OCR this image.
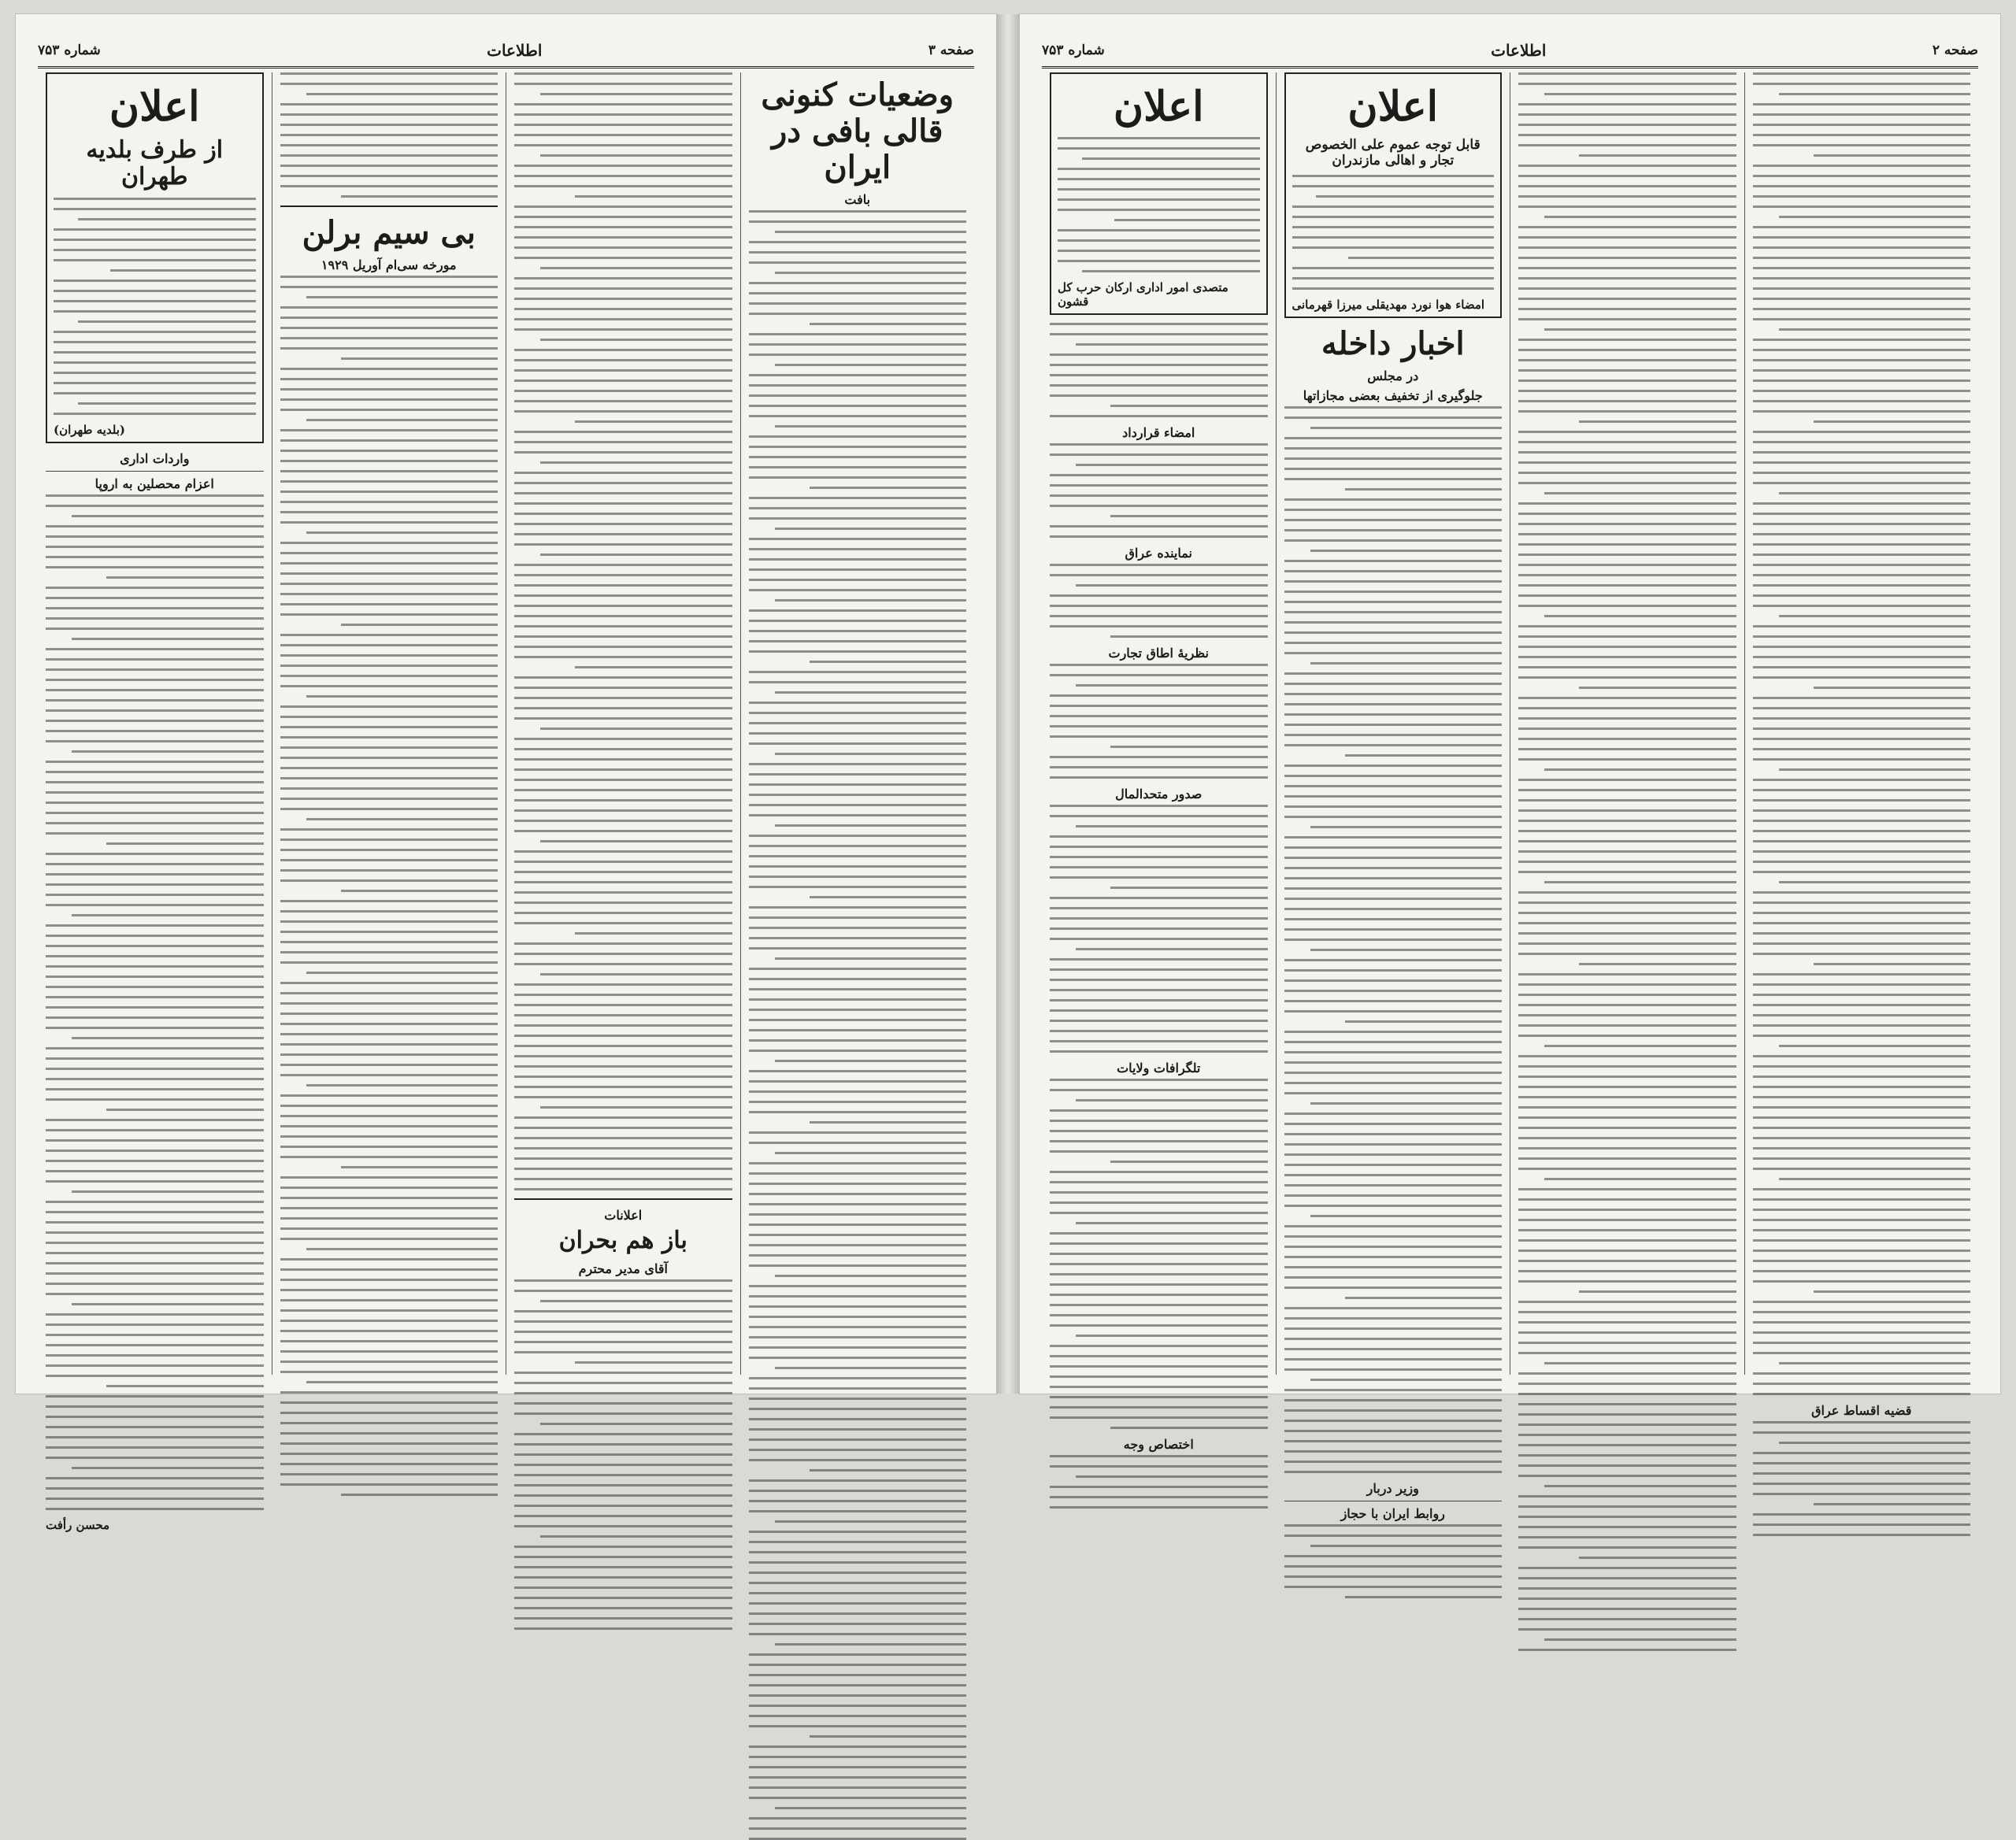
صفحه ۳
اطلاعات
شماره ۷۵۳
وضعیات کنونی قالی بافی در ایران
بافت
اعلانات
باز هم بحران
آقای مدیر محترم
بی سیم برلن
مورخه سی‌ام آوریل ۱۹۲۹
اعلان
از طرف بلدیه طهران
(بلدیه طهران)
واردات اداری
اعزام محصلین به اروپا
محسن رأفت
صفحه ۲
اطلاعات
شماره ۷۵۳
قضیه اقساط عراق
اعلان
قابل توجه عموم علی الخصوص تجار و اهالی مازندران
امضاء هوا نورد مهدیقلی میرزا قهرمانی
اخبار داخله
در مجلس
جلوگیری از تخفیف بعضی مجازاتها
وزیر دربار
روابط ایران با حجاز
اعلان
متصدی امور اداری ارکان حرب کل قشون
امضاء قرارداد
نماینده عراق
نظریهٔ اطاق تجارت
صدور متحدالمال
تلگرافات ولایات
اختصاص وجه
